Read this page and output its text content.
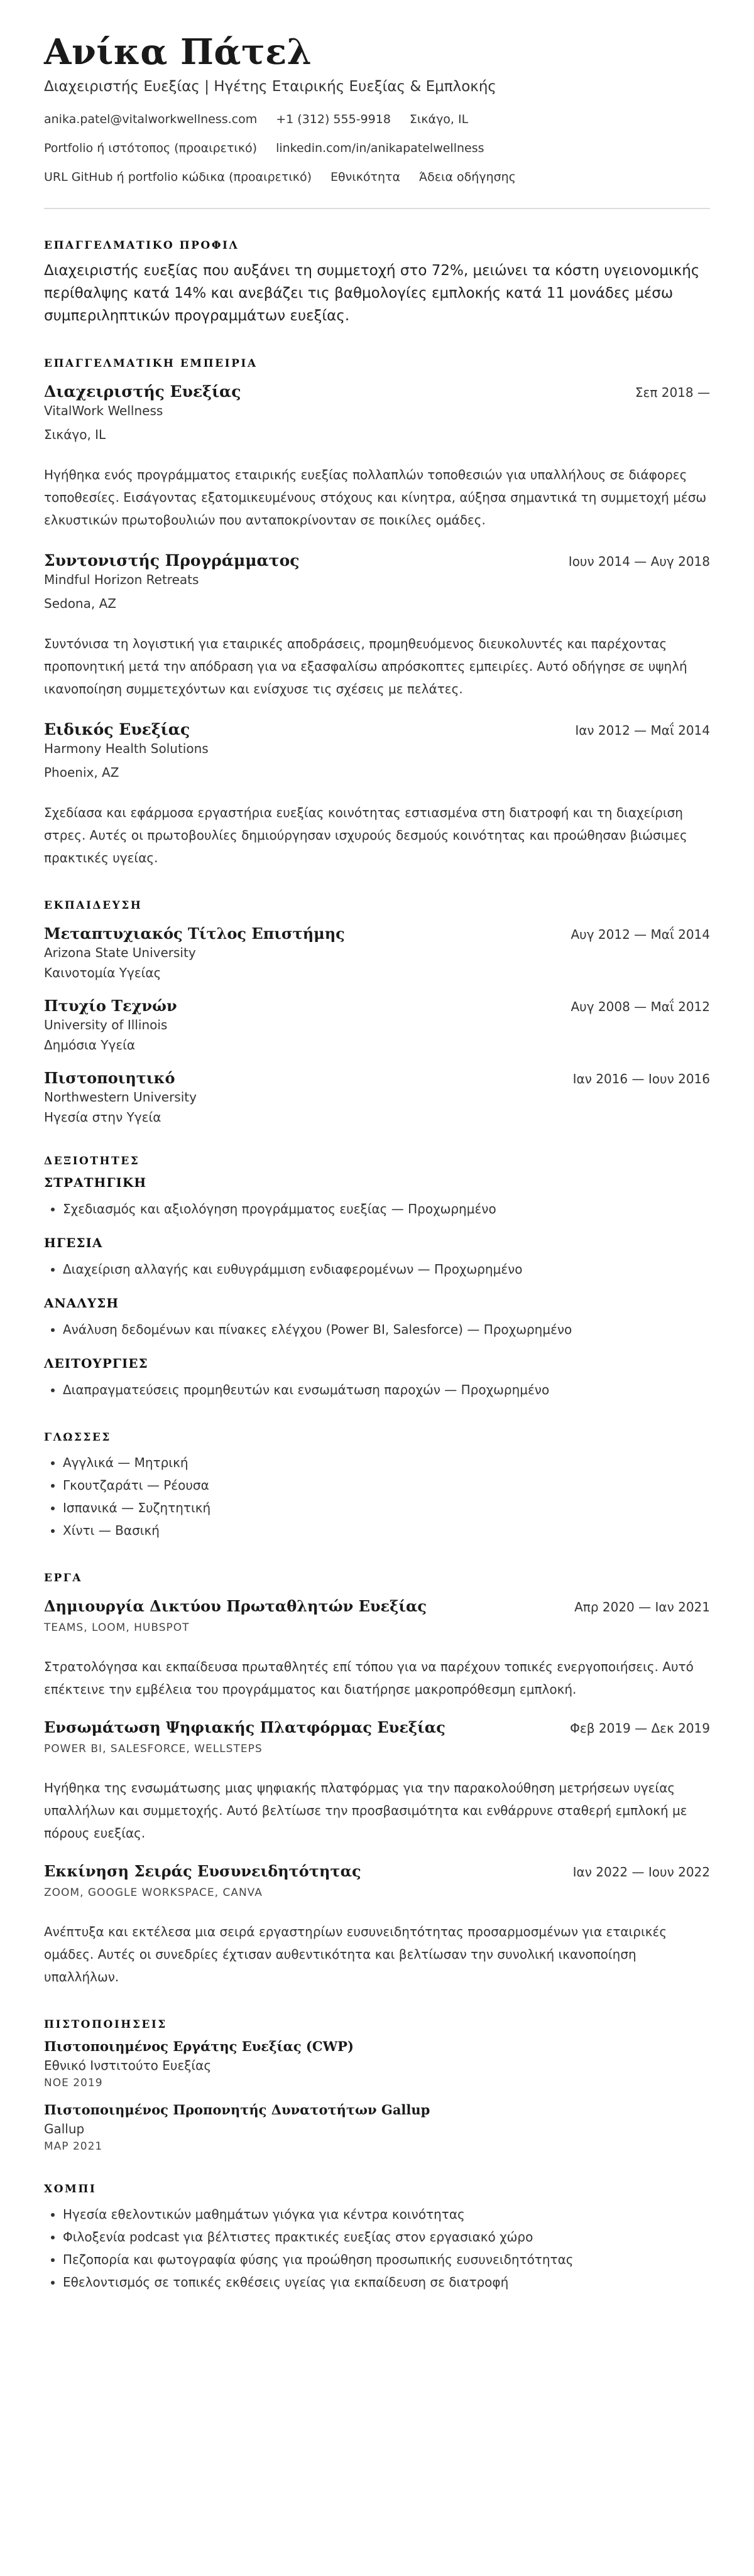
Ανίκα Πάτελ
Διαχειριστής Ευεξίας | Ηγέτης Εταιρικής Ευεξίας & Εμπλοκής
anika.patel@vitalworkwellness.com +1 (312) 555-9918 Σικάγο, IL
Portfolio ή ιστότοπος (προαιρετικό) linkedin.com/in/anikapatelwellness
URL GitHub ή portfolio κώδικα (προαιρετικό) Εθνικότητα Άδεια οδήγησης
ΕΠΑΓΓΕΛΜΑΤΙΚΟ ΠΡΟΦΙΛ

Διαχειριστής ευεξίας που αυξάνει τη συμμετοχή στο 72%, μειώνει τα κόστη υγειονομικής περίθαλψης κατά 14% και ανεβάζει τις βαθμολογίες εμπλοκής κατά 11 μονάδες μέσω συμπεριληπτικών προγραμμάτων ευεξίας.

ΕΠΑΓΓΕΛΜΑΤΙΚΗ ΕΜΠΕΙΡΙΑ
Διαχειριστής Ευεξίας	Σεπ 2018 —
VitalWork Wellness
Σικάγο, IL
Ηγήθηκα ενός προγράμματος εταιρικής ευεξίας πολλαπλών τοποθεσιών για υπαλλήλους σε διάφορες τοποθεσίες. Εισάγοντας εξατομικευμένους στόχους και κίνητρα, αύξησα σημαντικά τη συμμετοχή μέσω ελκυστικών πρωτοβουλιών που ανταποκρίνονταν σε ποικίλες ομάδες.
Συντονιστής Προγράμματος	Ιουν 2014 — Αυγ 2018
Mindful Horizon Retreats
Sedona, AZ
Συντόνισα τη λογιστική για εταιρικές αποδράσεις, προμηθευόμενος διευκολυντές και παρέχοντας προπονητική μετά την απόδραση για να εξασφαλίσω απρόσκοπτες εμπειρίες. Αυτό οδήγησε σε υψηλή ικανοποίηση συμμετεχόντων και ενίσχυσε τις σχέσεις με πελάτες.
Ειδικός Ευεξίας	Ιαν 2012 — Μαΐ 2014
Harmony Health Solutions
Phoenix, AZ
Σχεδίασα και εφάρμοσα εργαστήρια ευεξίας κοινότητας εστιασμένα στη διατροφή και τη διαχείριση στρες. Αυτές οι πρωτοβουλίες δημιούργησαν ισχυρούς δεσμούς κοινότητας και προώθησαν βιώσιμες πρακτικές υγείας.
ΕΚΠΑΙΔΕΥΣΗ
Μεταπτυχιακός Τίτλος Επιστήμης	Αυγ 2012 — Μαΐ 2014
Arizona State University
Καινοτομία Υγείας
Πτυχίο Τεχνών	Αυγ 2008 — Μαΐ 2012
University of Illinois
Δημόσια Υγεία
Πιστοποιητικό	Ιαν 2016 — Ιουν 2016
Northwestern University
Ηγεσία στην Υγεία
ΔΕΞΙΟΤΗΤΕΣ
ΣΤΡΑΤΗΓΙΚΗ
• Σχεδιασμός και αξιολόγηση προγράμματος ευεξίας — Προχωρημένο
ΗΓΕΣΙΑ
• Διαχείριση αλλαγής και ευθυγράμμιση ενδιαφερομένων — Προχωρημένο
ΑΝΑΛΥΣΗ
• Ανάλυση δεδομένων και πίνακες ελέγχου (Power BI, Salesforce) — Προχωρημένο
ΛΕΙΤΟΥΡΓΙΕΣ
• Διαπραγματεύσεις προμηθευτών και ενσωμάτωση παροχών — Προχωρημένο
ΓΛΩΣΣΕΣ
• Αγγλικά — Μητρική
• Γκουτζαράτι — Ρέουσα
• Ισπανικά — Συζητητική
• Χίντι — Βασική
ΕΡΓΑ
Δημιουργία Δικτύου Πρωταθλητών Ευεξίας	Απρ 2020 — Ιαν 2021
TEAMS, LOOM, HUBSPOT
Στρατολόγησα και εκπαίδευσα πρωταθλητές επί τόπου για να παρέχουν τοπικές ενεργοποιήσεις. Αυτό επέκτεινε την εμβέλεια του προγράμματος και διατήρησε μακροπρόθεσμη εμπλοκή.
Ενσωμάτωση Ψηφιακής Πλατφόρμας Ευεξίας	Φεβ 2019 — Δεκ 2019
POWER BI, SALESFORCE, WELLSTEPS
Ηγήθηκα της ενσωμάτωσης μιας ψηφιακής πλατφόρμας για την παρακολούθηση μετρήσεων υγείας υπαλλήλων και συμμετοχής. Αυτό βελτίωσε την προσβασιμότητα και ενθάρρυνε σταθερή εμπλοκή με πόρους ευεξίας.
Εκκίνηση Σειράς Ευσυνειδητότητας	Ιαν 2022 — Ιουν 2022
ZOOM, GOOGLE WORKSPACE, CANVA
Ανέπτυξα και εκτέλεσα μια σειρά εργαστηρίων ευσυνειδητότητας προσαρμοσμένων για εταιρικές ομάδες. Αυτές οι συνεδρίες έχτισαν αυθεντικότητα και βελτίωσαν την συνολική ικανοποίηση υπαλλήλων.
ΠΙΣΤΟΠΟΙΗΣΕΙΣ
Πιστοποιημένος Εργάτης Ευεξίας (CWP)
Εθνικό Ινστιτούτο Ευεξίας
ΝΟΕ 2019
Πιστοποιημένος Προπονητής Δυνατοτήτων Gallup
Gallup
ΜΑΡ 2021
ΧΟΜΠΙ
• Ηγεσία εθελοντικών μαθημάτων γιόγκα για κέντρα κοινότητας
• Φιλοξενία podcast για βέλτιστες πρακτικές ευεξίας στον εργασιακό χώρο
• Πεζοπορία και φωτογραφία φύσης για προώθηση προσωπικής ευσυνειδητότητας
• Εθελοντισμός σε τοπικές εκθέσεις υγείας για εκπαίδευση σε διατροφή
